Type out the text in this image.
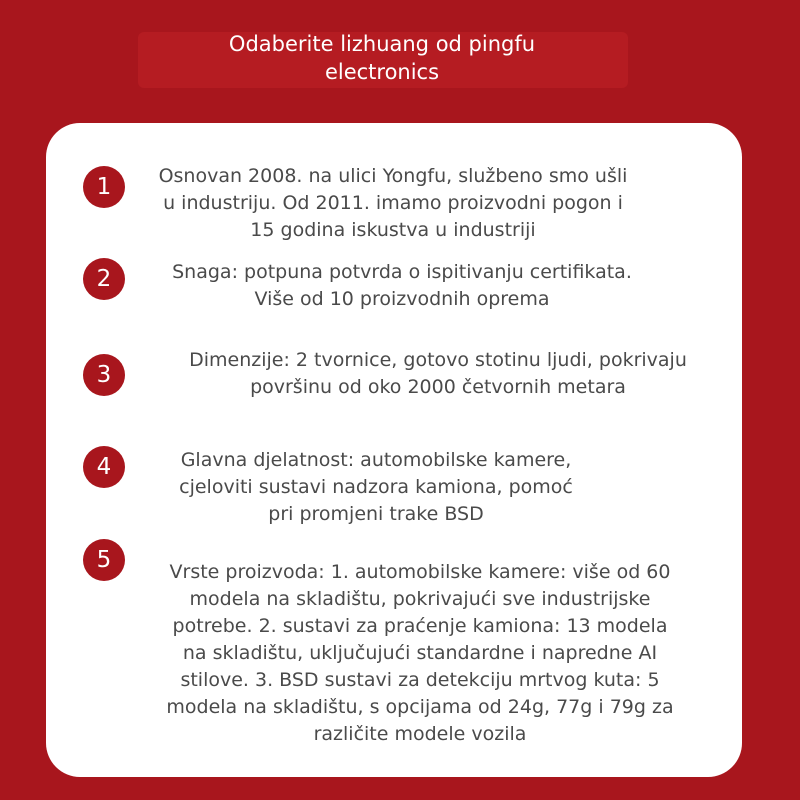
Odaberite lizhuang od pingfu
electronics
1	Osnovan 2008. na ulici Yongfu, službeno smo ušli
u industriju. Od 2011. imamo proizvodni pogon i
15 godina iskustva u industriji
2	Snaga: potpuna potvrda o ispitivanju certifikata.
Više od 10 proizvodnih oprema
3
Dimenzije: 2 tvornice, gotovo stotinu ljudi, pokrivaju
površinu od oko 2000 četvornih metara
4	Glavna djelatnost: automobilske kamere,
cjeloviti sustavi nadzora kamiona, pomoć
pri promjeni trake BSD
5	Vrste proizvoda: 1. automobilske kamere: više od 60
modela na skladištu, pokrivajući sve industrijske
potrebe. 2. sustavi za praćenje kamiona: 13 modela
na skladištu, uključujući standardne i napredne AI
stilove. 3. BSD sustavi za detekciju mrtvog kuta: 5
modela na skladištu, s opcijama od 24g, 77g i 79g za
različite modele vozila
